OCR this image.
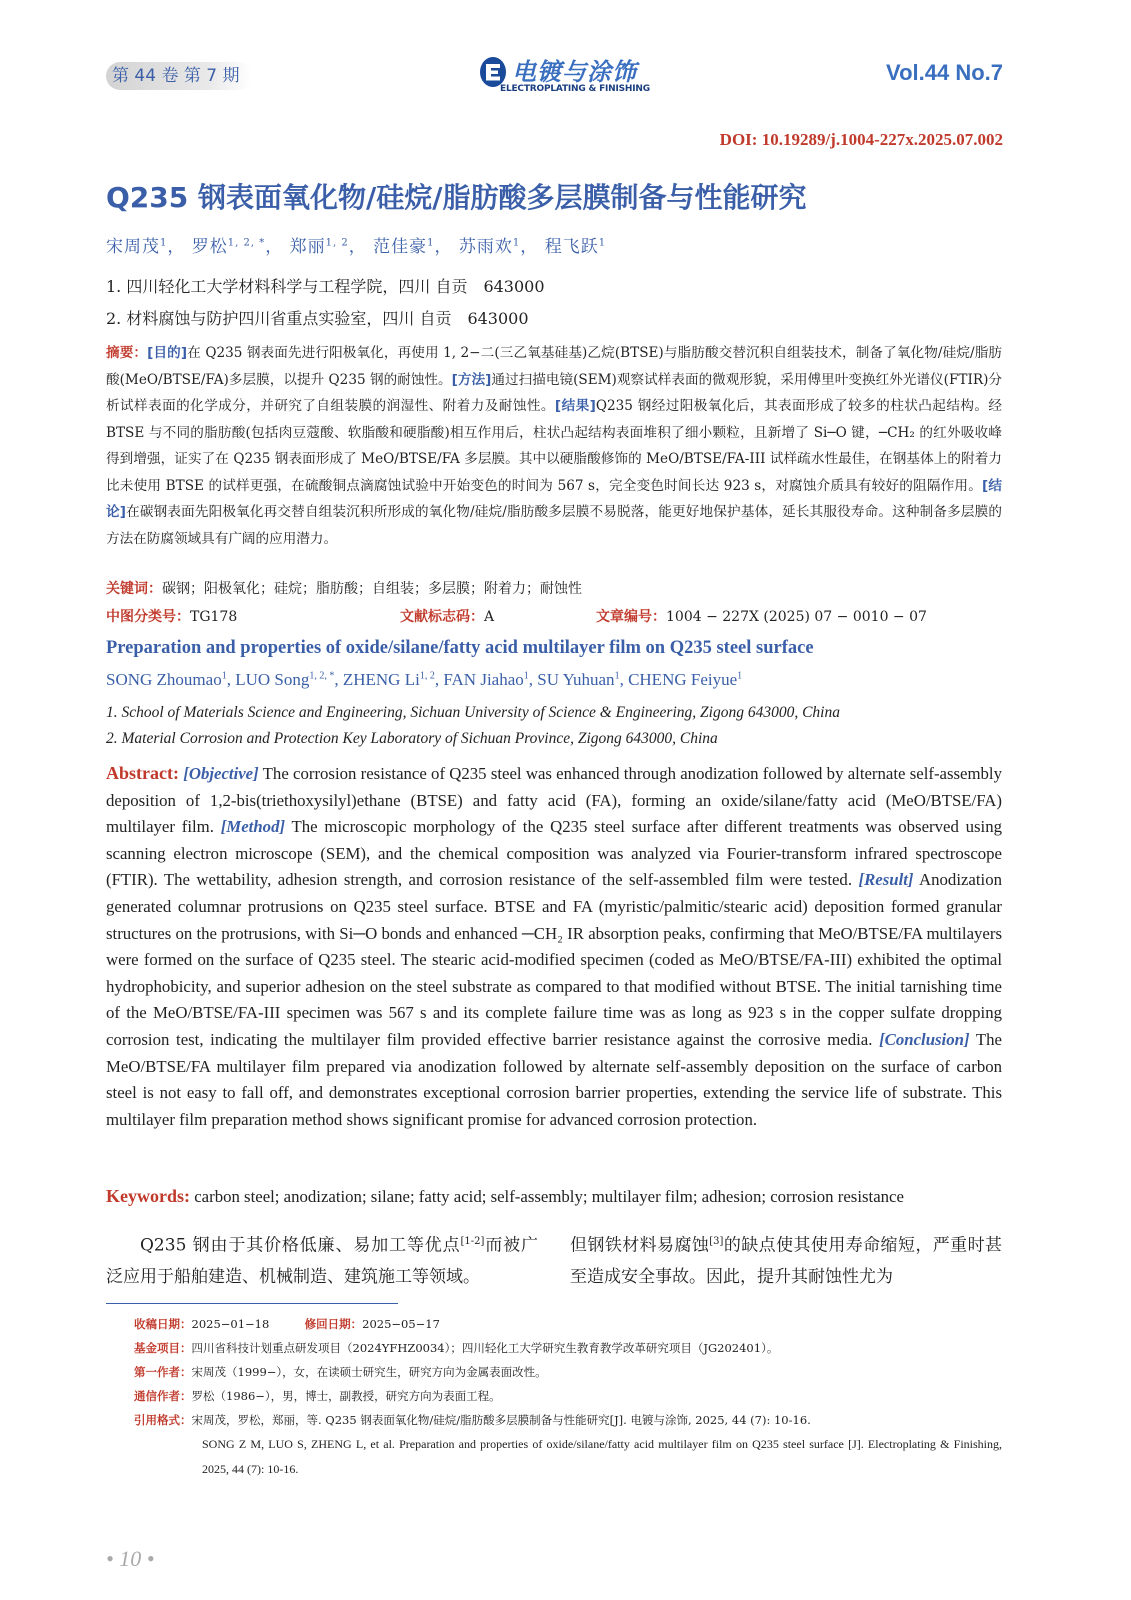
第 44 卷 第 7 期	电镀与涂饰
ELECTROPLATING & FINISHING
Vol.44 No.7
DOI: 10.19289/j.1004-227x.2025.07.002
Q235 钢表面氧化物/硅烷/脂肪酸多层膜制备与性能研究
宋周茂$^1$， 罗松$^{1, 2, *}$， 郑丽$^{1, 2}$， 范佳豪$^1$， 苏雨欢$^1$， 程飞跃$^1$
1. 四川轻化工大学材料科学与工程学院，四川 自贡　643000
2. 材料腐蚀与防护四川省重点实验室，四川 自贡　643000
摘要：[目的]在 Q235 钢表面先进行阳极氧化，再使用 1, 2−二(三乙氧基硅基)乙烷(BTSE)与脂肪酸交替沉积自组装技术，制备了氧化物/硅烷/脂肪酸(MeO/BTSE/FA)多层膜，以提升 Q235 钢的耐蚀性。[方法]通过扫描电镜(SEM)观察试样表面的微观形貌，采用傅里叶变换红外光谱仪(FTIR)分析试样表面的化学成分，并研究了自组装膜的润湿性、附着力及耐蚀性。[结果]Q235 钢经过阳极氧化后，其表面形成了较多的柱状凸起结构。经 BTSE 与不同的脂肪酸(包括肉豆蔻酸、软脂酸和硬脂酸)相互作用后，柱状凸起结构表面堆积了细小颗粒，且新增了 Si─O 键，─CH₂ 的红外吸收峰得到增强，证实了在 Q235 钢表面形成了 MeO/BTSE/FA 多层膜。其中以硬脂酸修饰的 MeO/BTSE/FA-III 试样疏水性最佳，在钢基体上的附着力比未使用 BTSE 的试样更强，在硫酸铜点滴腐蚀试验中开始变色的时间为 567 s，完全变色时间长达 923 s，对腐蚀介质具有较好的阻隔作用。[结论]在碳钢表面先阳极氧化再交替自组装沉积所形成的氧化物/硅烷/脂肪酸多层膜不易脱落，能更好地保护基体，延长其服役寿命。这种制备多层膜的方法在防腐领域具有广阔的应用潜力。
关键词：碳钢；阳极氧化；硅烷；脂肪酸；自组装；多层膜；附着力；耐蚀性
中图分类号：TG178	文献标志码：A	文章编号：1004 − 227X (2025) 07 − 0010 − 07
Preparation and properties of oxide/silane/fatty acid multilayer film on Q235 steel surface
SONG Zhoumao$^1$, LUO Song$^{1, 2, *}$, ZHENG Li$^{1, 2}$, FAN Jiahao$^1$, SU Yuhuan$^1$, CHENG Feiyue$^1$
1. School of Materials Science and Engineering, Sichuan University of Science & Engineering, Zigong 643000, China
2. Material Corrosion and Protection Key Laboratory of Sichuan Province, Zigong 643000, China
Abstract: [Objective] The corrosion resistance of Q235 steel was enhanced through anodization followed by alternate self-assembly deposition of 1,2-bis(triethoxysilyl)ethane (BTSE) and fatty acid (FA), forming an oxide/silane/fatty acid (MeO/BTSE/FA) multilayer film. [Method] The microscopic morphology of the Q235 steel surface after different treatments was observed using scanning electron microscope (SEM), and the chemical composition was analyzed via Fourier-transform infrared spectroscope (FTIR). The wettability, adhesion strength, and corrosion resistance of the self-assembled film were tested. [Result] Anodization generated columnar protrusions on Q235 steel surface. BTSE and FA (myristic/palmitic/stearic acid) deposition formed granular structures on the protrusions, with Si─O bonds and enhanced ─CH₂ IR absorption peaks, confirming that MeO/BTSE/FA multilayers were formed on the surface of Q235 steel. The stearic acid-modified specimen (coded as MeO/BTSE/FA-III) exhibited the optimal hydrophobicity, and superior adhesion on the steel substrate as compared to that modified without BTSE. The initial tarnishing time of the MeO/BTSE/FA-III specimen was 567 s and its complete failure time was as long as 923 s in the copper sulfate dropping corrosion test, indicating the multilayer film provided effective barrier resistance against the corrosive media. [Conclusion] The MeO/BTSE/FA multilayer film prepared via anodization followed by alternate self-assembly deposition on the surface of carbon steel is not easy to fall off, and demonstrates exceptional corrosion barrier properties, extending the service life of substrate. This multilayer film preparation method shows significant promise for advanced corrosion protection.
Keywords: carbon steel; anodization; silane; fatty acid; self-assembly; multilayer film; adhesion; corrosion resistance
Q235 钢由于其价格低廉、易加工等优点[1-2]而被广泛应用于船舶建造、机械制造、建筑施工等领域。
但钢铁材料易腐蚀[3]的缺点使其使用寿命缩短，严重时甚至造成安全事故。因此，提升其耐蚀性尤为
收稿日期：2025−01−18	修回日期：2025−05−17
基金项目：四川省科技计划重点研发项目（2024YFHZ0034）；四川轻化工大学研究生教育教学改革研究项目（JG202401）。
第一作者：宋周茂（1999−），女，在读硕士研究生，研究方向为金属表面改性。
通信作者：罗松（1986−），男，博士，副教授，研究方向为表面工程。
引用格式：宋周茂，罗松，郑丽，等. Q235 钢表面氧化物/硅烷/脂肪酸多层膜制备与性能研究[J]. 电镀与涂饰, 2025, 44 (7): 10-16.
SONG Z M, LUO S, ZHENG L, et al. Preparation and properties of oxide/silane/fatty acid multilayer film on Q235 steel surface [J]. Electroplating & Finishing, 2025, 44 (7): 10-16.
• 10 •
